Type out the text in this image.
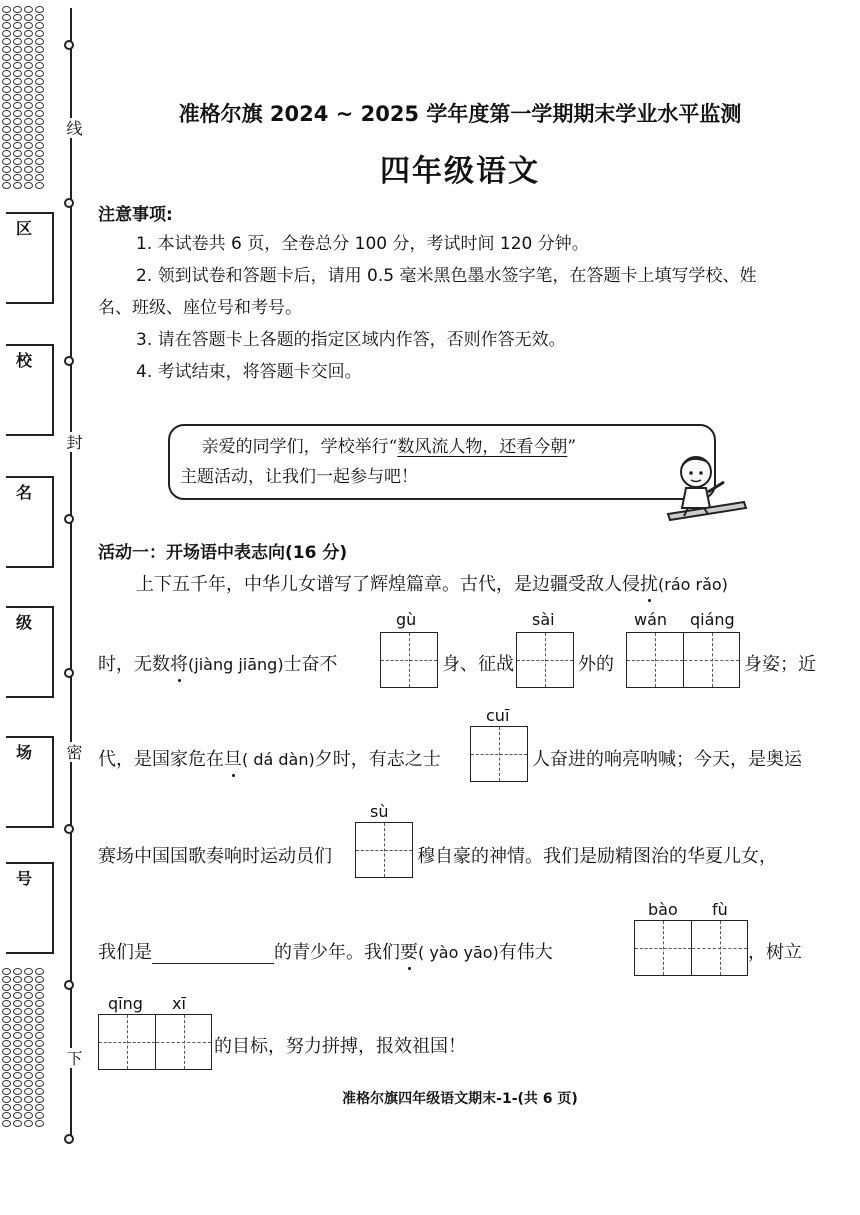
线
封
密
下
区
校
名
级
场
号
准格尔旗 2024 ~ 2025 学年度第一学期期末学业水平监测
四年级语文
注意事项:
1. 本试卷共 6 页，全卷总分 100 分，考试时间 120 分钟。
2. 领到试卷和答题卡后，请用 0.5 毫米黑色墨水签字笔，在答题卡上填写学校、姓
名、班级、座位号和考号。
3. 请在答题卡上各题的指定区域内作答，否则作答无效。
4. 考试结束，将答题卡交回。
亲爱的同学们，学校举行“数风流人物，还看今朝”
主题活动，让我们一起参与吧！
活动一：开场语中表志向(16 分)
上下五千年，中华儿女谱写了辉煌篇章。古代，是边疆受敌人侵扰(ráo rǎo)
gù	sài	wán qiáng
时，无数将(jiàng jiāng)士奋不	身、征战	外的	身姿；近
cuī
代，是国家危在旦( dá dàn)夕时，有志之士	人奋进的响亮呐喊；今天，是奥运
sù
赛场中国国歌奏响时运动员们	穆自豪的神情。我们是励精图治的华夏儿女，
bào fù
我们是	的青少年。我们要( yào yāo)有伟大	，树立
qīng xī
的目标，努力拼搏，报效祖国！
准格尔旗四年级语文期末-1-(共 6 页)
